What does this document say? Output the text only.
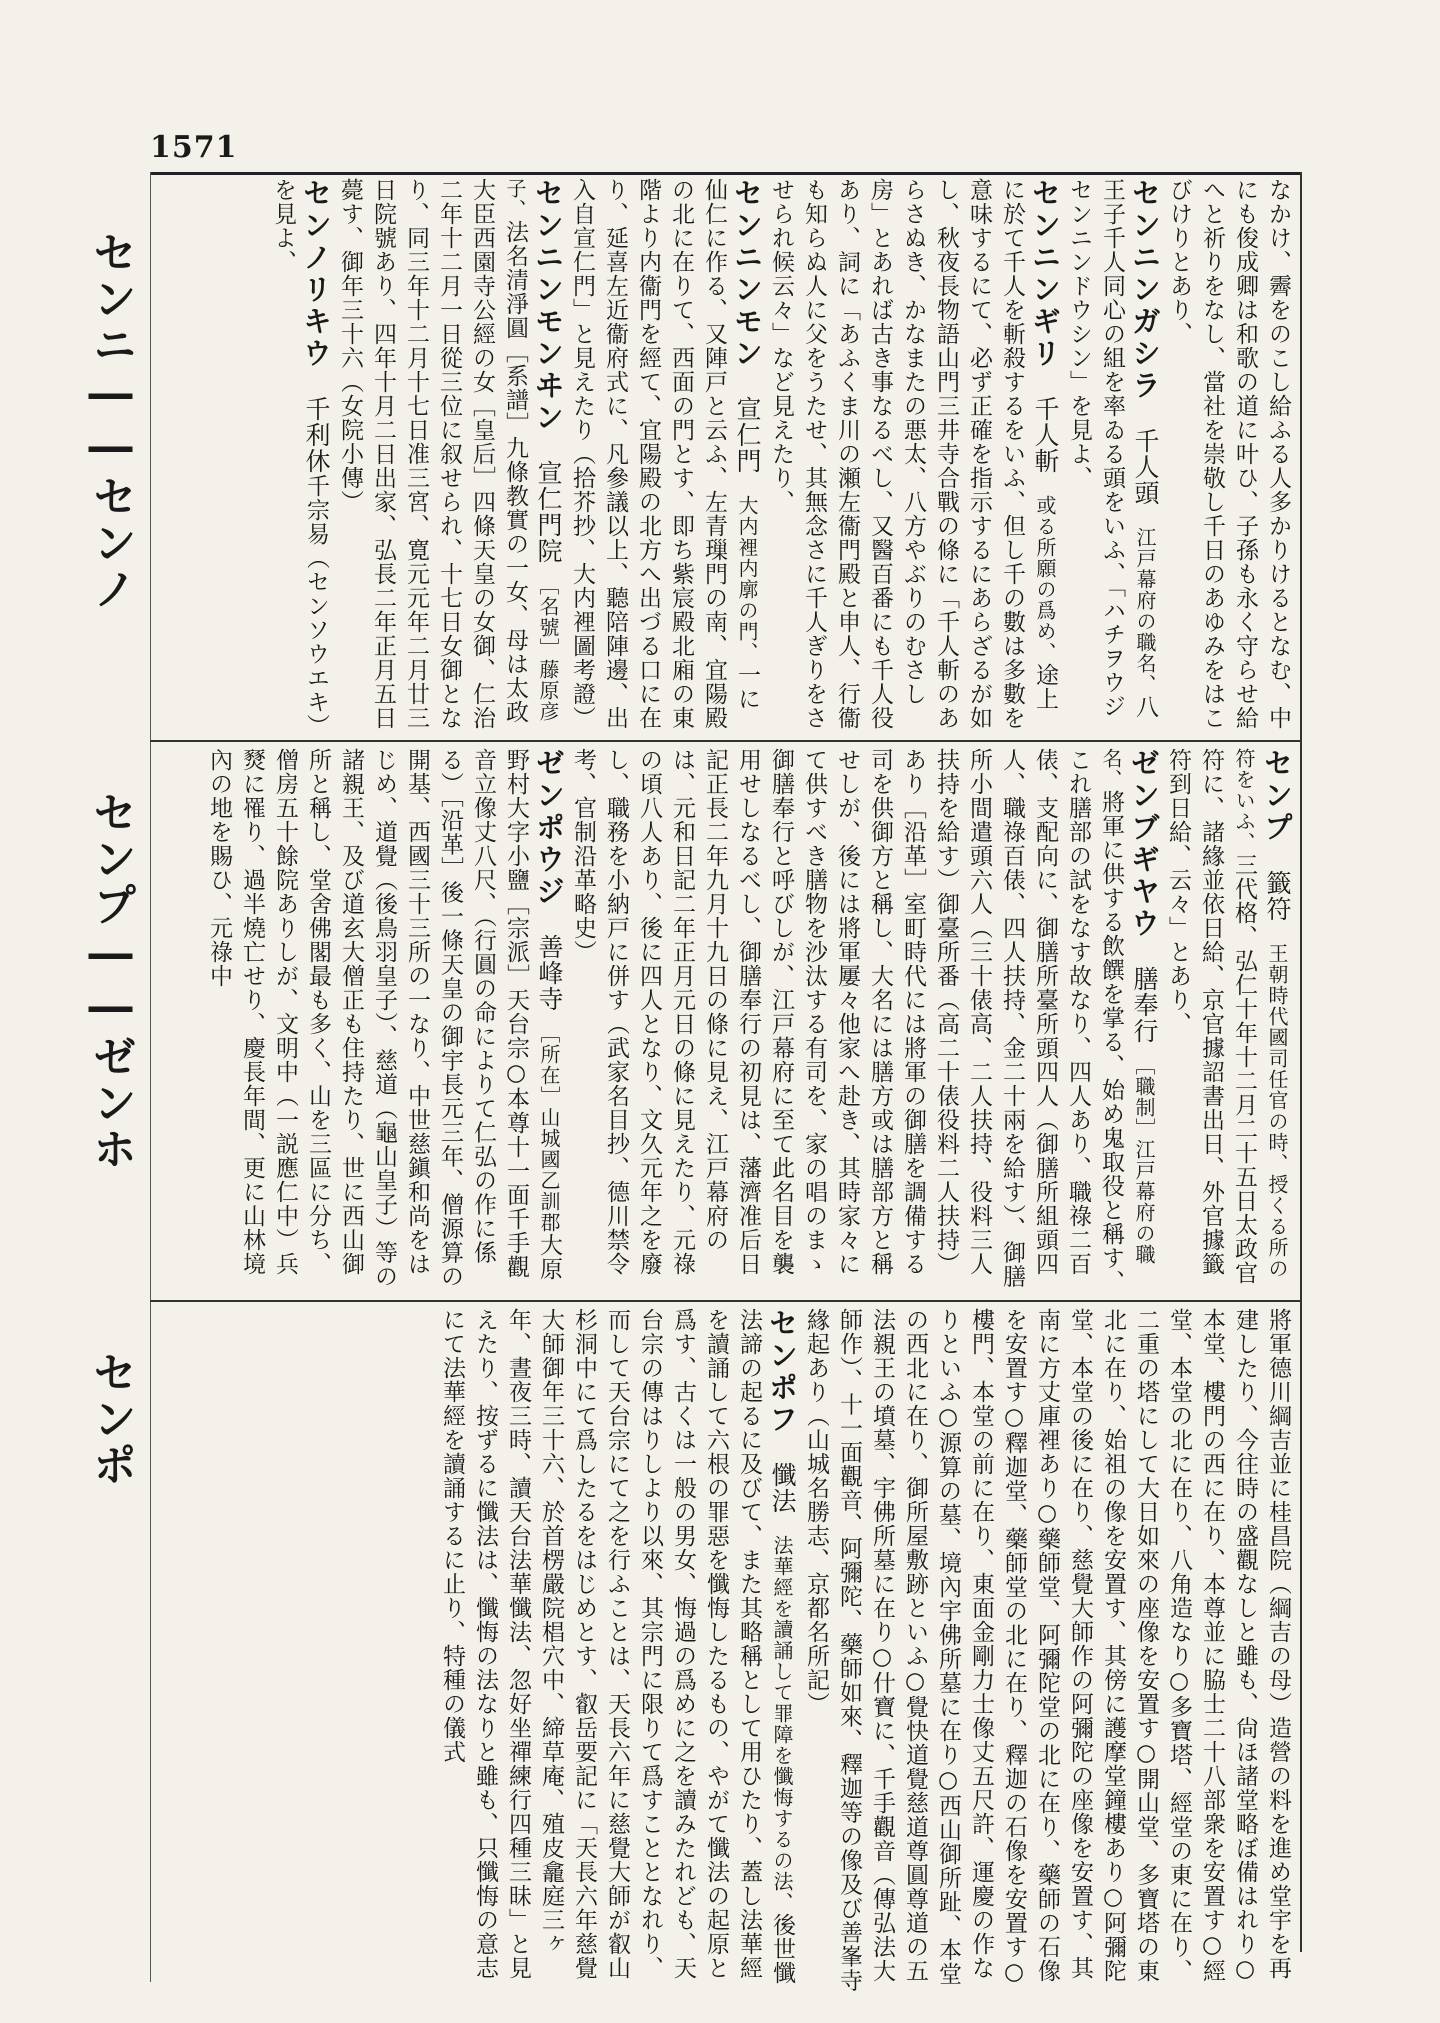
1571
センニ――センノ
センプ――ゼンホ
センポ
なかけ、霽をのこし給ふる人多かりけるとなむ、中にも俊成卿は和歌の道に叶ひ、子孫も永く守らせ給へと祈りをなし、當社を崇敬し千日のあゆみをはこびけりとあり、
センニンガシラ千人頭江戸幕府の職名、八王子千人同心の組を率ゐる頭をいふ、「ハチヲウジセンニンドウシン」を見よ、
センニンギリ千人斬或る所願の爲め、途上に於て千人を斬殺するをいふ、但し千の數は多數を意味するにて、必ず正確を指示するにあらざるが如し、秋夜長物語山門三井寺合戰の條に「千人斬のあらさぬき、かなまたの悪太、八方やぶりのむさし房」とあれば古き事なるべし、又醫百番にも千人役あり、詞に「あふくま川の瀬左衞門殿と申人、行衞も知らぬ人に父をうたせ、其無念さに千人ぎりをさせられ候云々」など見えたり、
センニンモン宣仁門大内裡内廓の門、一に仙仁に作る、又陣戸と云ふ、左青璅門の南、宜陽殿の北に在りて、西面の門とす、即ち紫宸殿北廂の東階より内衞門を經て、宜陽殿の北方へ出づる口に在り、延喜左近衞府式に、凡參議以上、聽陪陣邊、出入自宣仁門」と見えたり（拾芥抄、大内裡圖考證）
センニンモンヰン宣仁門院［名號］藤原彦子、法名清淨圓［系譜］九條教實の一女、母は太政大臣西園寺公經の女［皇后］四條天皇の女御、仁治二年十二月一日從三位に叙せられ、十七日女御となり、同三年十二月十七日准三宮、寛元元年二月廿三日院號あり、四年十月二日出家、弘長二年正月五日薨す、御年三十六（女院小傳）
センノリキウ千利休千宗易（センソウエキ）を見よ、
センプ籤符王朝時代國司任官の時、授くる所の符をいふ、三代格、弘仁十年十二月二十五日太政官符に、諸緣並依日給、京官據詔書出日、外官據籤符到日給、云々」とあり、
ゼンブギヤウ膳奉行［職制］江戸幕府の職名、將軍に供する飲饌を掌る、始め鬼取役と稱す、これ膳部の試をなす故なり、四人あり、職祿二百俵、支配向に、御膳所臺所頭四人（御膳所組頭四人、職祿百俵、四人扶持、金二十兩を給す）、御膳所小間遣頭六人（三十俵高、二人扶持、役料三人扶持を給す）御臺所番（高二十俵役料二人扶持）あり［沿革］室町時代には將軍の御膳を調備する司を供御方と稱し、大名には膳方或は膳部方と稱せしが、後には將軍屢々他家へ赴き、其時家々にて供すべき膳物を沙汰する有司を、家の唱のまゝ御膳奉行と呼びしが、江戸幕府に至て此名目を襲用せしなるべし、御膳奉行の初見は、藩濟准后日記正長二年九月十九日の條に見え、江戸幕府のは、元和日記二年正月元日の條に見えたり、元祿の頃八人あり、後に四人となり、文久元年之を廢し、職務を小納戸に併す（武家名目抄、德川禁令考、官制沿革略史）
ゼンポウジ善峰寺［所在］山城國乙訓郡大原野村大字小鹽［宗派］天台宗○本尊十一面千手觀音立像丈八尺、（行圓の命によりて仁弘の作に係る）［沿革］後一條天皇の御宇長元三年、僧源算の開基、西國三十三所の一なり、中世慈鎭和尚をはじめ、道覺（後鳥羽皇子）、慈道（龜山皇子）等の諸親王、及び道玄大僧正も住持たり、世に西山御所と稱し、堂舍佛閣最も多く、山を三區に分ち、僧房五十餘院ありしが、文明中（一説應仁中）兵燹に罹り、過半燒亡せり、慶長年間、更に山林境內の地を賜ひ、元祿中
將軍德川綱吉並に桂昌院（綱吉の母）造營の料を進め堂宇を再建したり、今往時の盛觀なしと雖も、尙ほ諸堂略ぼ備はれり○本堂、樓門の西に在り、本尊並に脇士二十八部衆を安置す○經堂、本堂の北に在り、八角造なり○多寶塔、經堂の東に在り、二重の塔にして大日如來の座像を安置す○開山堂、多寶塔の東北に在り、始祖の像を安置す、其傍に護摩堂鐘樓あり○阿彌陀堂、本堂の後に在り、慈覺大師作の阿彌陀の座像を安置す、其南に方丈庫裡あり○藥師堂、阿彌陀堂の北に在り、藥師の石像を安置す○釋迦堂、藥師堂の北に在り、釋迦の石像を安置す○樓門、本堂の前に在り、東面金剛力士像丈五尺許、運慶の作なりといふ○源算の墓、境內宇佛所墓に在り○西山御所趾、本堂の西北に在り、御所屋敷跡といふ○覺快道覺慈道尊圓尊道の五法親王の墳墓、宇佛所墓に在り○什寶に、千手觀音（傳弘法大師作）、十一面觀音、阿彌陀、藥師如來、釋迦等の像及び善峯寺緣起あり（山城名勝志、京都名所記）
センポフ懺法法華經を讀誦して罪障を懺悔するの法、後世懺法諦の起るに及びて、また其略稱として用ひたり、蓋し法華經を讀誦して六根の罪惡を懺悔したるもの、やがて懺法の起原と爲す、古くは一般の男女、悔過の爲めに之を讀みたれども、天台宗の傳はりしより以來、其宗門に限りて爲すこととなれり、而して天台宗にて之を行ふことは、天長六年に慈覺大師が叡山杉洞中にて爲したるをはじめとす、叡岳要記に「天長六年慈覺大師御年三十六、於首楞嚴院椙穴中、締草庵、殖皮龕庭三ヶ年、晝夜三時、讀天台法華懺法、忽好坐禪練行四種三昧」と見えたり、按ずるに懺法は、懺悔の法なりと雖も、只懺悔の意志にて法華經を讀誦するに止り、特種の儀式
